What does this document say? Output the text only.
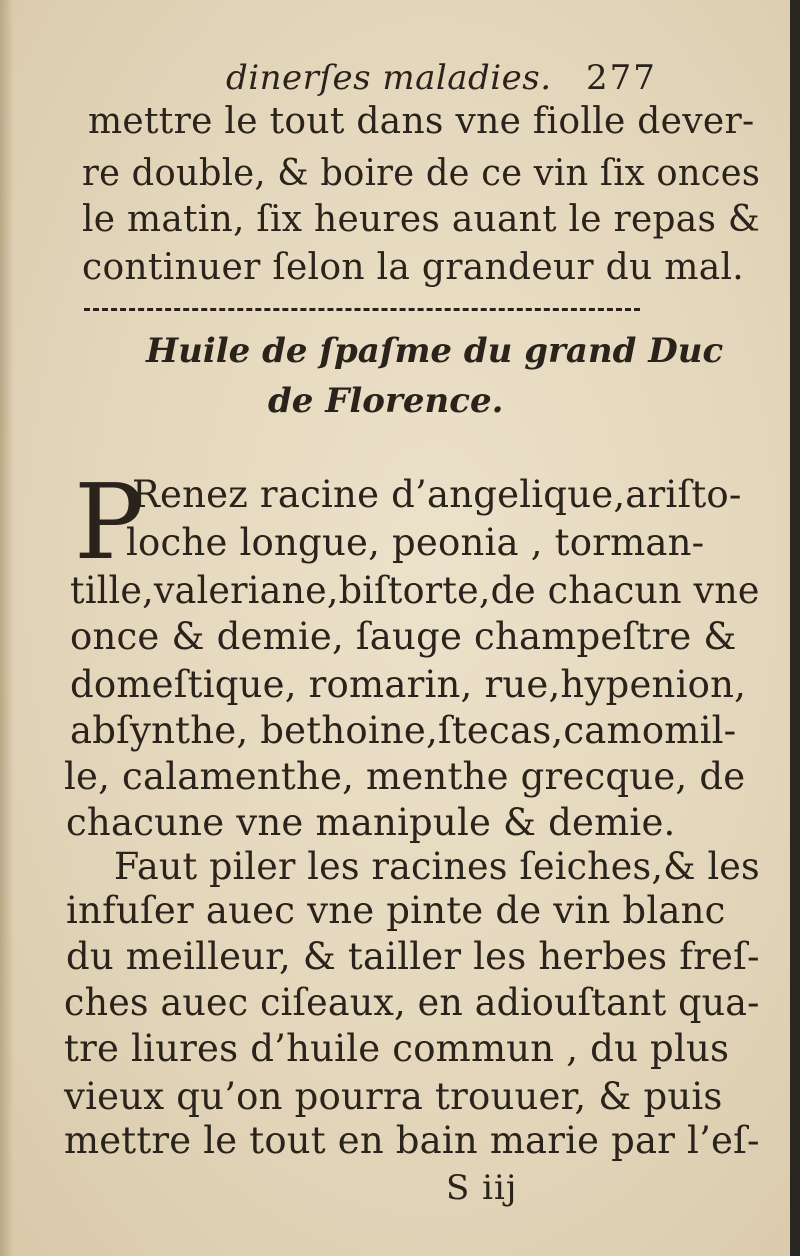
dinerſes maladies. 277

mettre le tout dans vne fiolle dever-

re double, & boire de ce vin ſix onces

le matin, ſix heures auant le repas &

continuer ſelon la grandeur du mal.

Huile de ſpaſme du grand Duc

de Florence.

P

Renez racine d’angelique,ariſto-

loche longue, peonia , torman-

tille,valeriane,biſtorte,de chacun vne

once & demie, ſauge champeſtre &

domeſtique, romarin, rue,hypenion,

abſynthe, bethoine,ſtecas,camomil-

le, calamenthe, menthe grecque, de

chacune vne manipule & demie.

Faut piler les racines ſeiches,& les

infuſer auec vne pinte de vin blanc

du meilleur, & tailler les herbes freſ-

ches auec ciſeaux, en adiouſtant qua-

tre liures d’huile commun , du plus

vieux qu’on pourra trouuer, & puis

mettre le tout en bain marie par l’eſ-

S iij
